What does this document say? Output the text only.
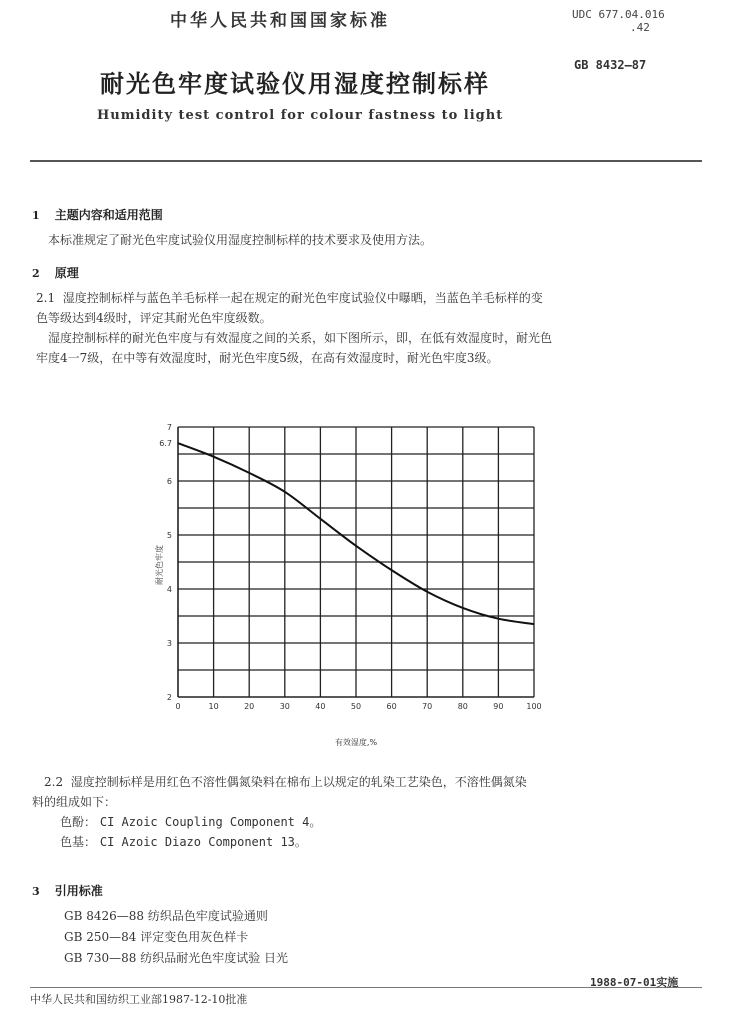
中华人民共和国国家标准	UDC 677.04.016
.42
GB 8432—87
耐光色牢度试验仪用湿度控制标样
Humidity test control for colour fastness to light
1 主题内容和适用范围
本标准规定了耐光色牢度试验仪用湿度控制标样的技术要求及使用方法。
2 原理
2.1 湿度控制标样与蓝色羊毛标样一起在规定的耐光色牢度试验仪中曝晒，当蓝色羊毛标样的变
色等级达到4级时，评定其耐光色牢度级数。
湿度控制标样的耐光色牢度与有效湿度之间的关系，如下图所示，即，在低有效湿度时，耐光色
牢度4一7级，在中等有效湿度时，耐光色牢度5级，在高有效湿度时，耐光色牢度3级。
0	10	20	30	40	50	60	70	80	90	100
2
3
4
5
6
6.7
7
有效湿度,%
耐光色牢度
2.2 湿度控制标样是用红色不溶性偶氮染料在棉布上以规定的轧染工艺染色，不溶性偶氮染
料的组成如下：
色酚： CI Azoic Coupling Component 4。
色基： CI Azoic Diazo Component 13。
3 引用标准
GB 8426—88 纺织品色牢度试验通则
GB 250—84 评定变色用灰色样卡
GB 730—88 纺织品耐光色牢度试验 日光
中华人民共和国纺织工业部1987-12-10批准
1988-07-01实施
